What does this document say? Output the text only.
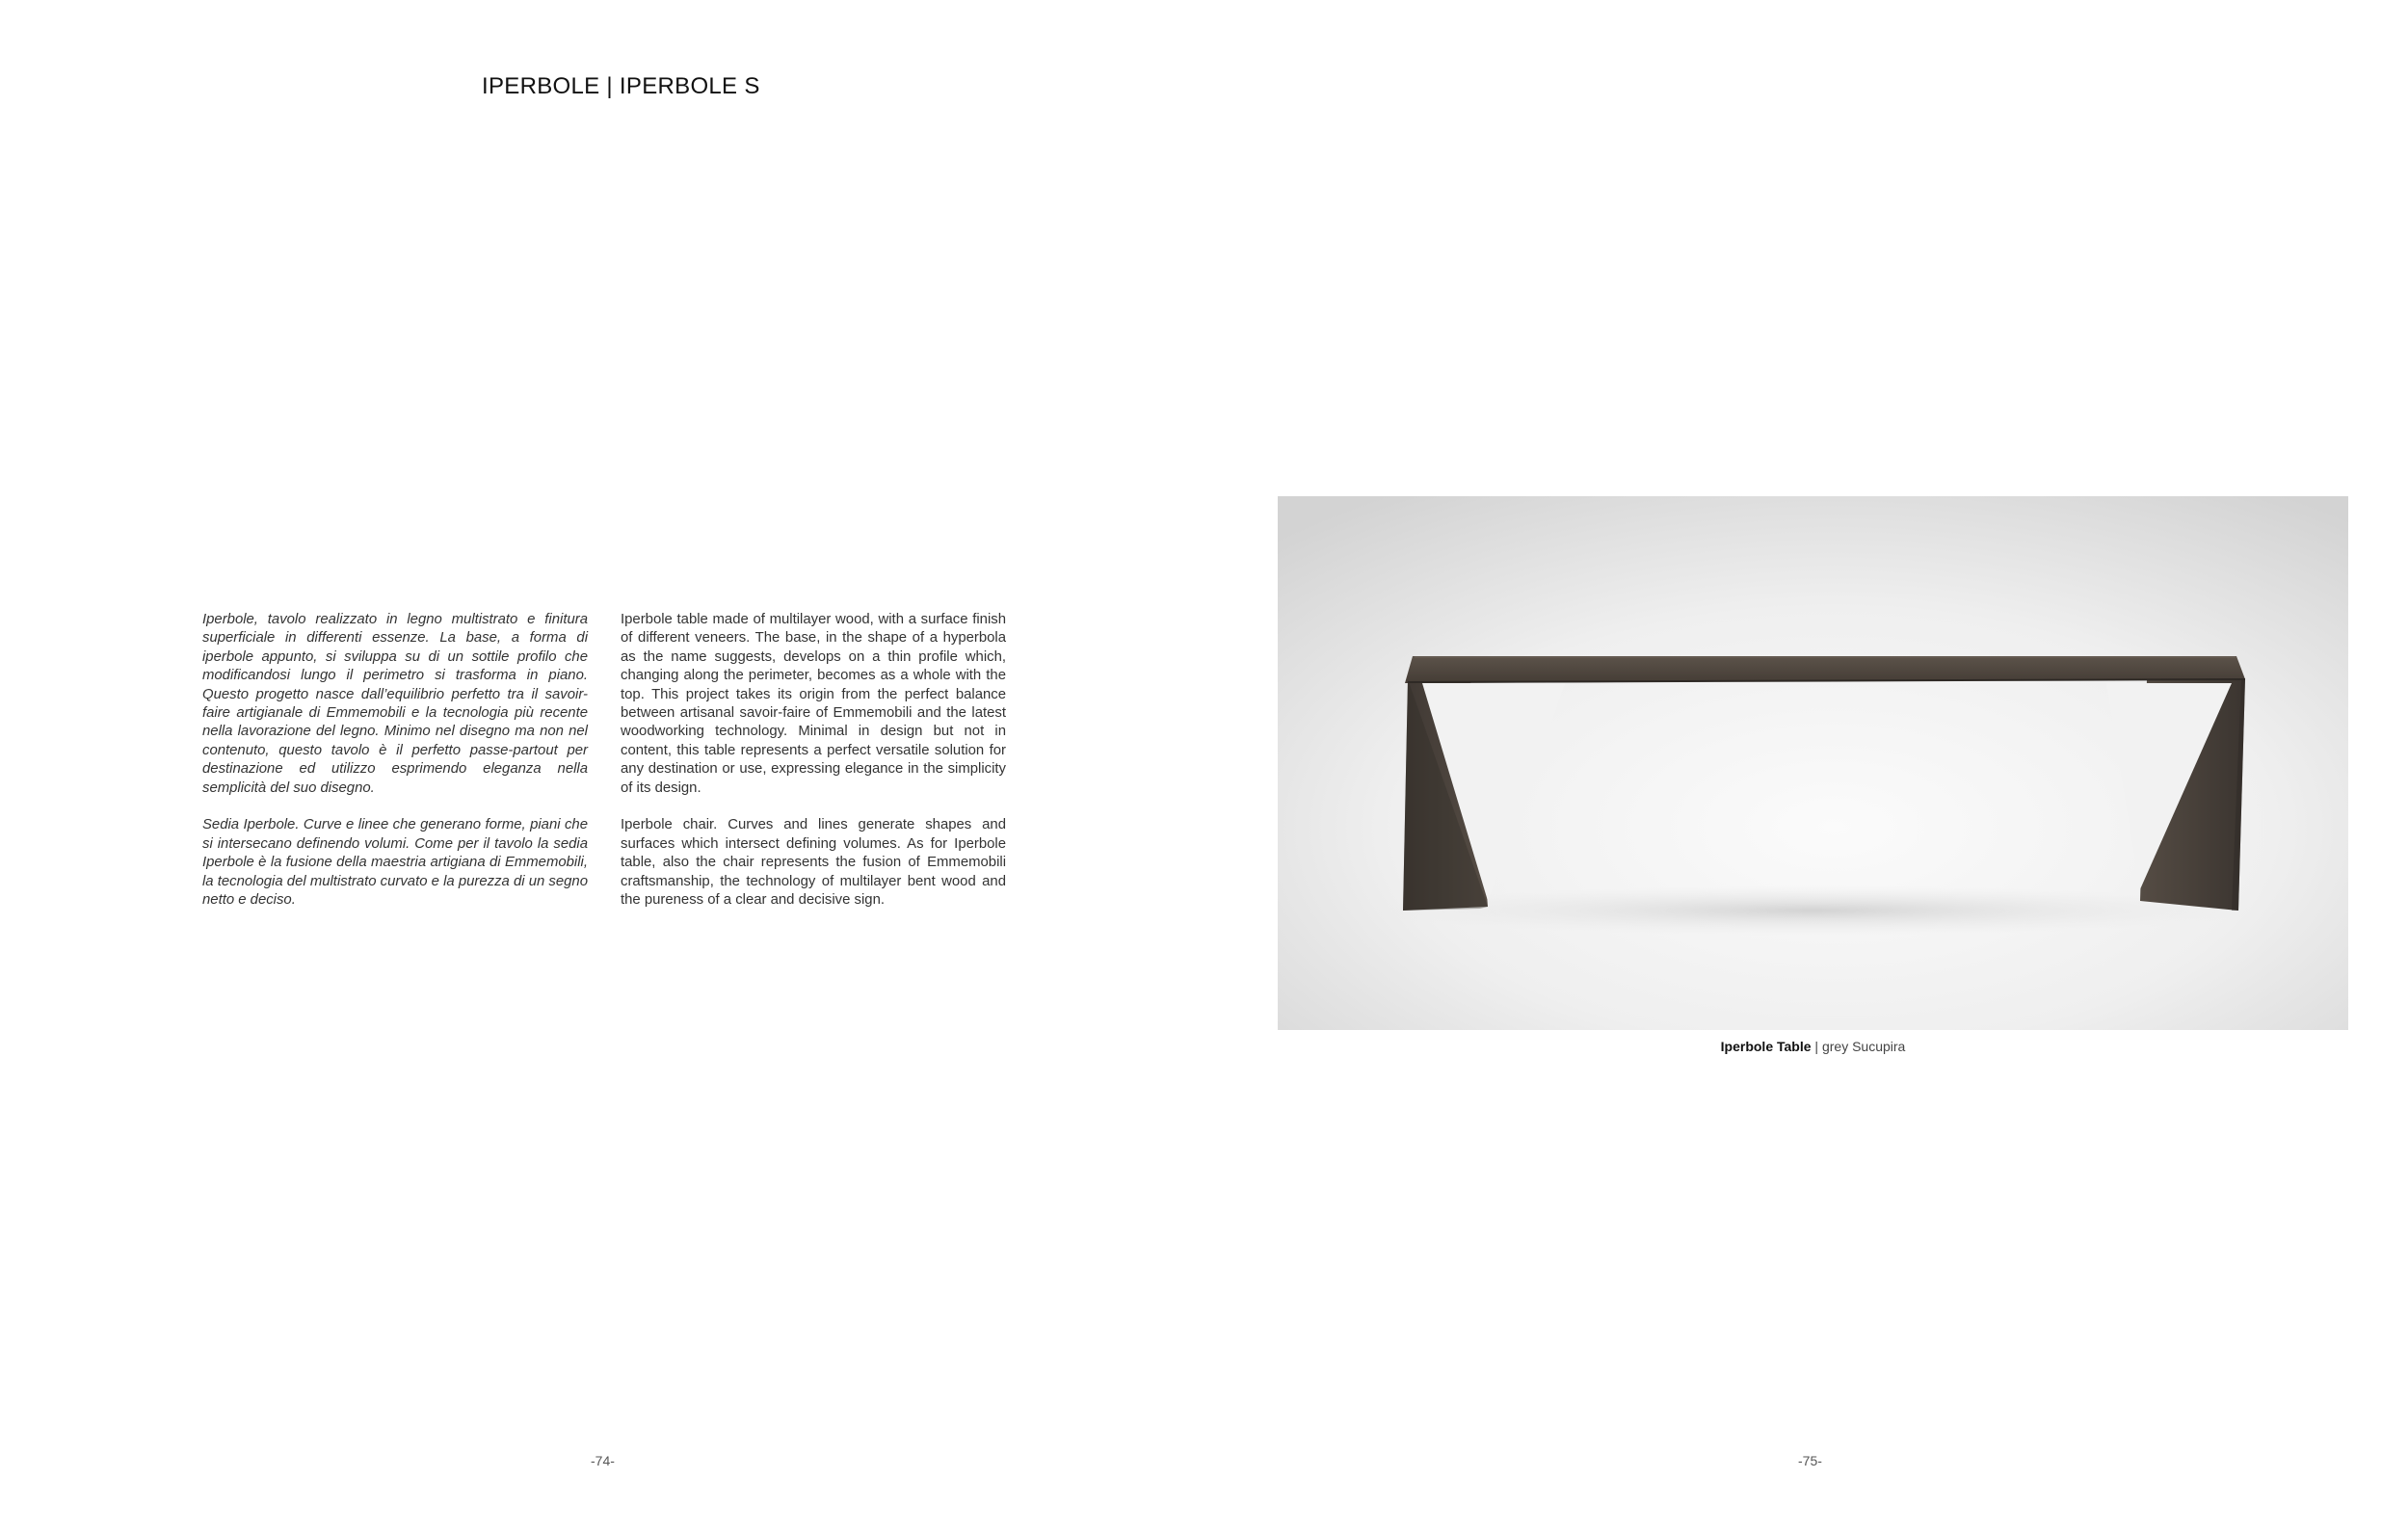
IPERBOLE | IPERBOLE S

Iperbole, tavolo realizzato in legno multistrato e finitura superficiale in differenti essenze. La base, a forma di iperbole appunto, si sviluppa su di un sottile profilo che modificandosi lungo il perimetro si trasforma in piano. Questo progetto nasce dall’equilibrio perfetto tra il savoir-faire artigianale di Emmemobili e la tecnologia più recente nella lavorazione del legno. Minimo nel disegno ma non nel contenuto, questo tavolo è il perfetto passe-partout per destinazione ed utilizzo esprimendo eleganza nella semplicità del suo disegno.

Sedia Iperbole. Curve e linee che generano forme, piani che si intersecano definendo volumi. Come per il tavolo la sedia Iperbole è la fusione della maestria artigiana di Emmemobili, la tecnologia del multistrato curvato e la purezza di un segno netto e deciso.

Iperbole table made of multilayer wood, with a surface finish of different veneers. The base, in the shape of a hyperbola as the name suggests, develops on a thin profile which, changing along the perimeter, becomes as a whole with the top. This project takes its origin from the perfect balance between artisanal savoir-faire of Emmemobili and the latest woodworking technology. Minimal in design but not in content, this table represents a perfect versatile solution for any destination or use, expressing elegance in the simplicity of its design.

Iperbole chair. Curves and lines generate shapes and surfaces which intersect defining volumes. As for Iperbole table, also the chair represents the fusion of Emmemobili craftsmanship, the technology of multilayer bent wood and the pureness of a clear and decisive sign.

-74-
Iperbole Table | grey Sucupira
-75-
